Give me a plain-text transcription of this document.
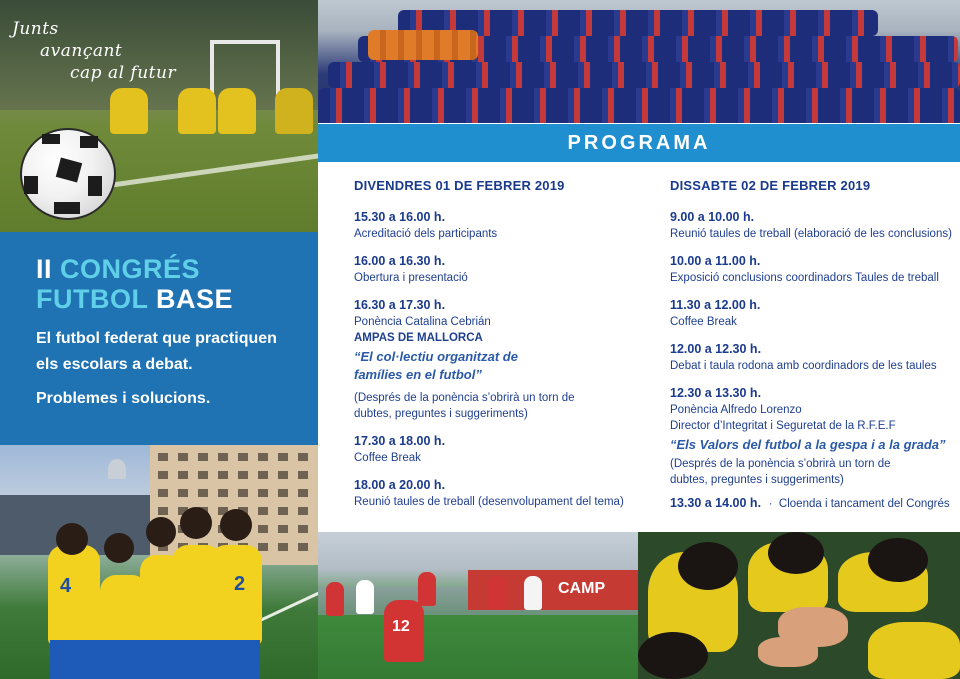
Junts
avançant
cap al futur
II CONGRÉS
FUTBOL BASE
El futbol federat que practiquen els escolars a debat.
Problemes i solucions.
4	2
PROGRAMA
DIVENDRES 01 DE FEBRER 2019
15.30 a 16.00 h.
Acreditació dels participants
16.00 a 16.30 h.
Obertura i presentació
16.30 a 17.30 h.
Ponència Catalina Cebrián
AMPAS DE MALLORCA
“El col·lectiu organitzat de famílies en el futbol”
(Després de la ponència s’obrirà un torn de dubtes, preguntes i suggeriments)
17.30 a 18.00 h.
Coffee Break
18.00 a 20.00 h.
Reunió taules de treball (desenvolupament del tema)
DISSABTE 02 DE FEBRER 2019
9.00 a 10.00 h.
Reunió taules de treball (elaboració de les conclusions)
10.00 a 11.00 h.
Exposició conclusions coordinadors Taules de treball
11.30 a 12.00 h.
Coffee Break
12.00 a 12.30 h.
Debat i taula rodona amb coordinadors de les taules
12.30 a 13.30 h.
Ponència Alfredo Lorenzo
Director d’Integritat i Seguretat de la R.F.E.F
“Els Valors del futbol a la gespa i a la grada”
(Després de la ponència s’obrirà un torn de dubtes, preguntes i suggeriments)
13.30 a 14.00 h.  ·  Cloenda i tancament del Congrés
CAMP
12
